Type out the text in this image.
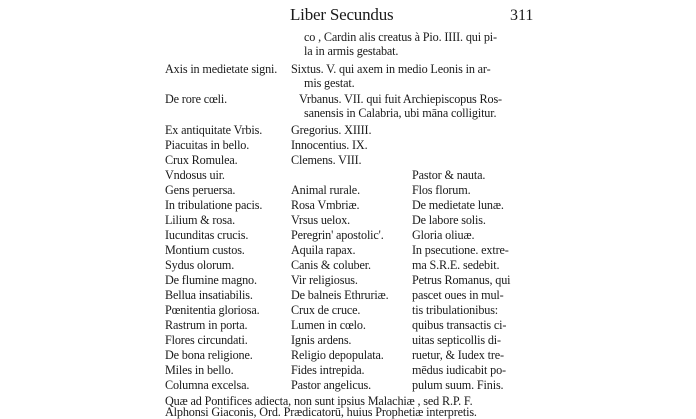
Liber Secundus	311
co , Cardin alis creatus à Pio. IIII. qui pi-
la in armis gestabat.
Axis in medietate signi. Sixtus. V. qui axem in medio Leonis in ar-
mis gestat.
De rore cœli.	Vrbanus. VII. qui fuit Archiepiscopus Ros-
sanensis in Calabria, ubi māna colligitur.
Ex antiquitate Vrbis.
Piacuitas in bello.
Crux Romulea.
Vndosus uir.
Gens peruersa.
In tribulatione pacis.
Lilium & rosa.
Iucunditas crucis.
Montium custos.
Sydus olorum.
De flumine magno.
Bellua insatiabilis.
Pœnitentia gloriosa.
Rastrum in porta.
Flores circundati.
De bona religione.
Miles in bello.
Columna excelsa.
Gregorius. XIIII.
Innocentius. IX.
Clemens. VIII.
Animal rurale.
Rosa Vmbriæ.
Vrsus uelox.
Peregrin' apostolic'.
Aquila rapax.
Canis & coluber.
Vir religiosus.
De balneis Ethruriæ.
Crux de cruce.
Lumen in cœlo.
Ignis ardens.
Religio depopulata.
Fides intrepida.
Pastor angelicus.
Pastor & nauta.
Flos florum.
De medietate lunæ.
De labore solis.
Gloria oliuæ.
In psecutione. extre-
ma S.R.E. sedebit.
Petrus Romanus, qui
pascet oues in mul-
tis tribulationibus:
quibus transactis ci-
uitas septicollis di-
ruetur, & Iudex tre-
mēdus iudicabit po-
pulum suum. Finis.
Quæ ad Pontifices adiecta, non sunt ipsius Malachiæ , sed R.P. F.
Alphonsi Giaconis, Ord. Prædicatorū, huius Prophetiæ interpretis.
